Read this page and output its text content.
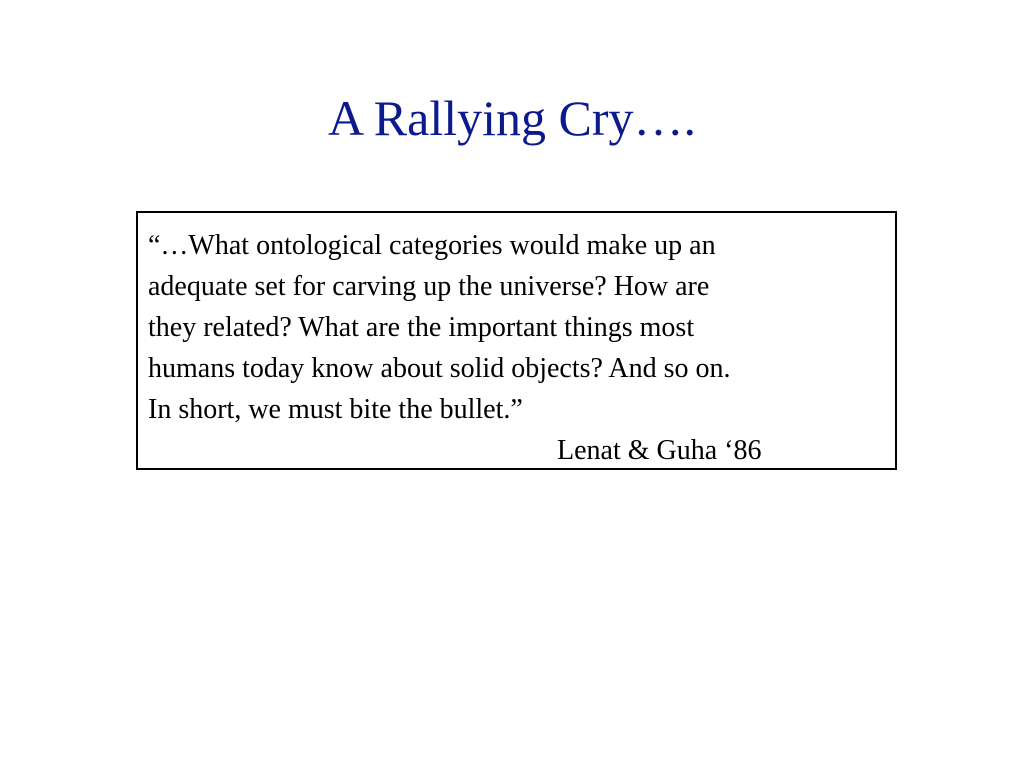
A Rallying Cry….
“…What ontological categories would make up an
adequate set for carving up the universe? How are
they related? What are the important things most
humans today know about solid objects? And so on.
In short, we must bite the bullet.”
Lenat & Guha ‘86
